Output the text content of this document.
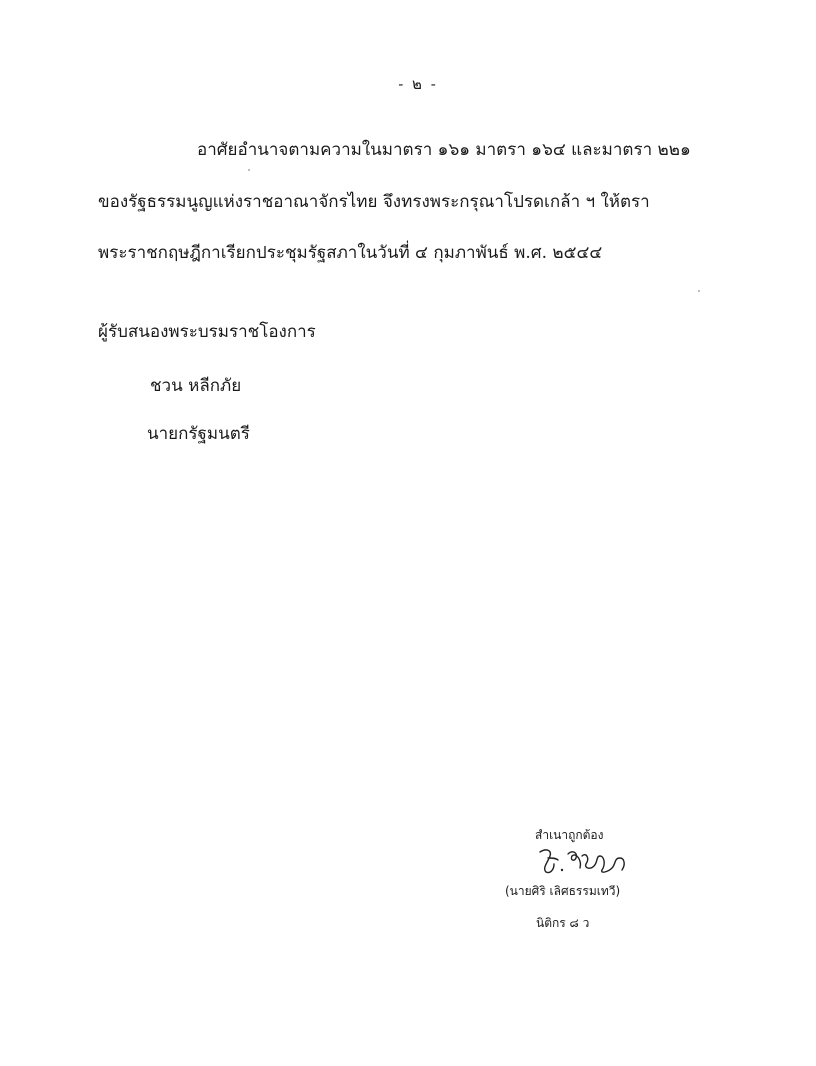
- ๒ -
อาศัยอำนาจตามความในมาตรา ๑๖๑ มาตรา ๑๖๔ และมาตรา ๒๒๑
ของรัฐธรรมนูญแห่งราชอาณาจักรไทย จึงทรงพระกรุณาโปรดเกล้า ฯ ให้ตรา
พระราชกฤษฎีกาเรียกประชุมรัฐสภาในวันที่ ๔ กุมภาพันธ์ พ.ศ. ๒๕๔๔
ผู้รับสนองพระบรมราชโองการ
ชวน หลีกภัย
นายกรัฐมนตรี
สำเนาถูกต้อง
(นายศิริ เลิศธรรมเทวี)
นิติกร ๘ ว
